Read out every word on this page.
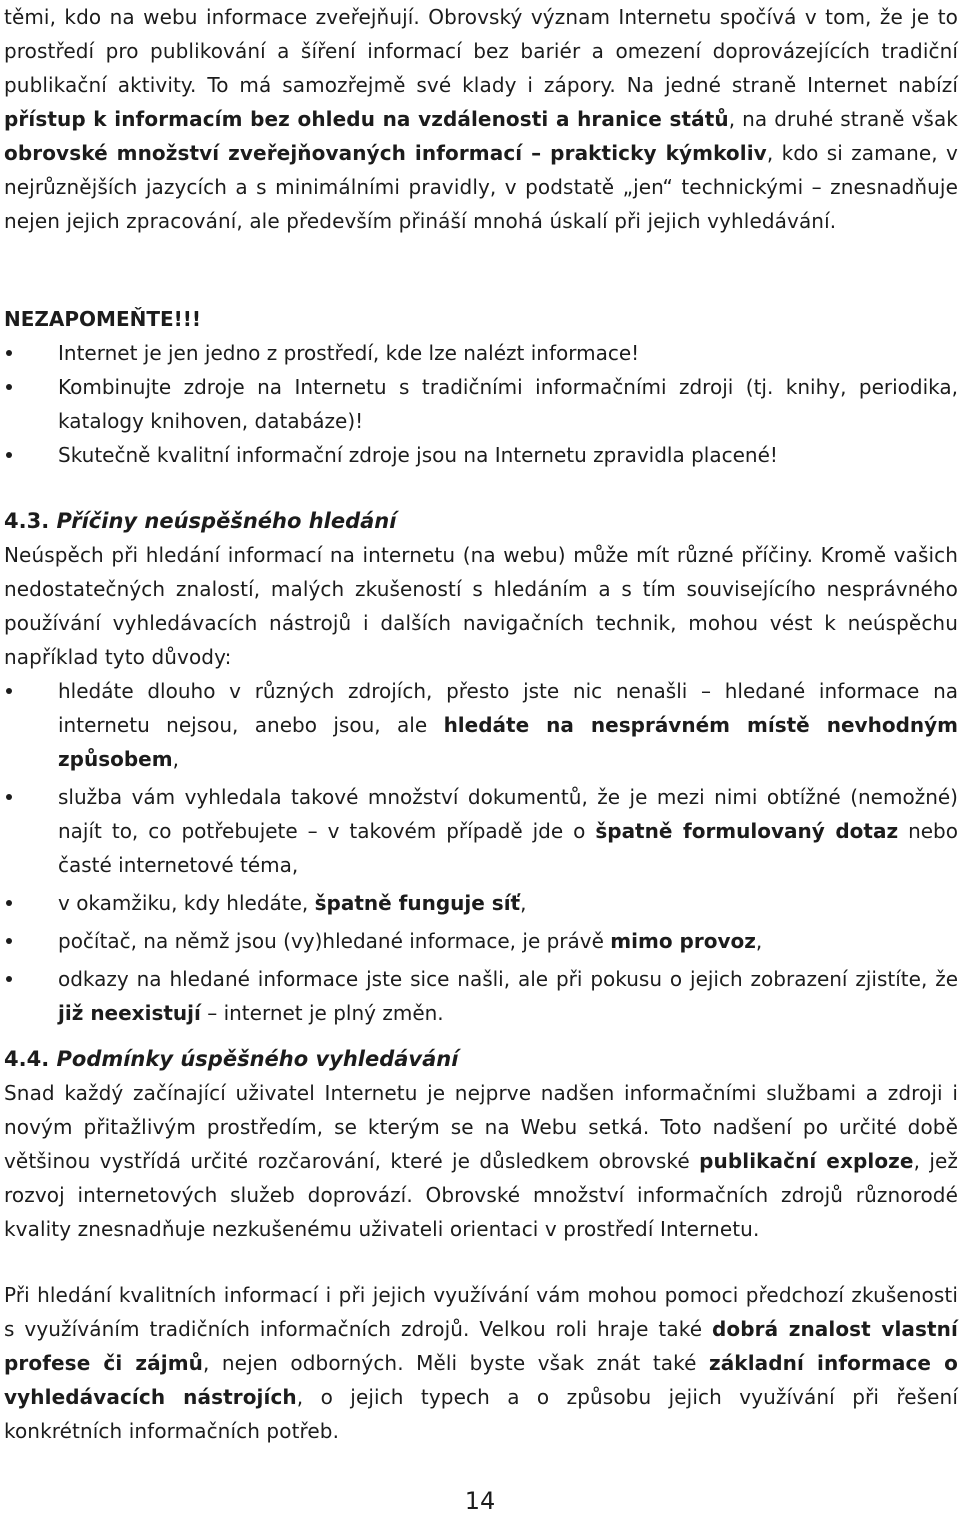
těmi, kdo na webu informace zveřejňují. Obrovský význam Internetu spočívá v tom, že je to prostředí pro publikování a šíření informací bez bariér a omezení doprovázejících tradiční publikační aktivity. To má samozřejmě své klady i zápory. Na jedné straně Internet nabízí přístup k informacím bez ohledu na vzdálenosti a hranice států, na druhé straně však obrovské množství zveřejňovaných informací – prakticky kýmkoliv, kdo si zamane, v nejrůznějších jazycích a s minimálními pravidly, v podstatě „jen“ technickými – znesnadňuje nejen jejich zpracování, ale především přináší mnohá úskalí při jejich vyhledávání.

NEZAPOMEŇTE!!!

Internet je jen jedno z prostředí, kde lze nalézt informace!
Kombinujte zdroje na Internetu s tradičními informačními zdroji (tj. knihy, periodika, katalogy knihoven, databáze)!
Skutečně kvalitní informační zdroje jsou na Internetu zpravidla placené!
4.3. Příčiny neúspěšného hledání

Neúspěch při hledání informací na internetu (na webu) může mít různé příčiny. Kromě vašich nedostatečných znalostí, malých zkušeností s hledáním a s tím souvisejícího nesprávného používání vyhledávacích nástrojů i dalších navigačních technik, mohou vést k neúspěchu například tyto důvody:

hledáte dlouho v různých zdrojích, přesto jste nic nenašli – hledané informace na internetu nejsou, anebo jsou, ale hledáte na nesprávném místě nevhodným způsobem,
služba vám vyhledala takové množství dokumentů, že je mezi nimi obtížné (nemožné) najít to, co potřebujete – v takovém případě jde o špatně formulovaný dotaz nebo časté internetové téma,
v okamžiku, kdy hledáte, špatně funguje síť,
počítač, na němž jsou (vy)hledané informace, je právě mimo provoz,
odkazy na hledané informace jste sice našli, ale při pokusu o jejich zobrazení zjistíte, že již neexistují – internet je plný změn.
4.4. Podmínky úspěšného vyhledávání

Snad každý začínající uživatel Internetu je nejprve nadšen informačními službami a zdroji i novým přitažlivým prostředím, se kterým se na Webu setká. Toto nadšení po určité době většinou vystřídá určité rozčarování, které je důsledkem obrovské publikační exploze, jež rozvoj internetových služeb doprovází. Obrovské množství informačních zdrojů různorodé kvality znesnadňuje nezkušenému uživateli orientaci v prostředí Internetu.

Při hledání kvalitních informací i při jejich využívání vám mohou pomoci předchozí zkušenosti s využíváním tradičních informačních zdrojů. Velkou roli hraje také dobrá znalost vlastní profese či zájmů, nejen odborných. Měli byste však znát také základní informace o vyhledávacích nástrojích, o jejich typech a o způsobu jejich využívání při řešení konkrétních informačních potřeb.

14
